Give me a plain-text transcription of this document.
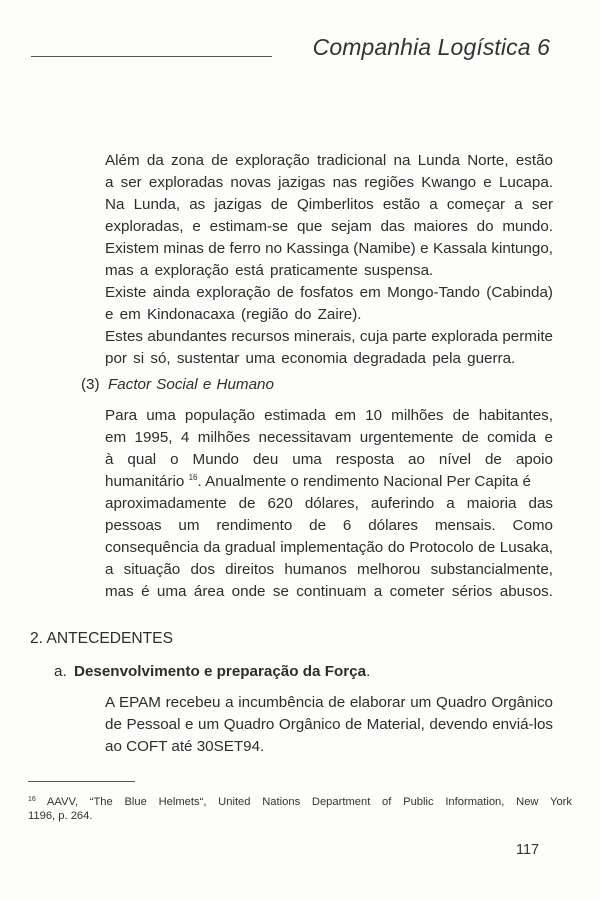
Companhia Logística 6
Além da zona de exploração tradicional na Lunda Norte, estão
a ser exploradas novas jazigas nas regiões Kwango e Lucapa.
Na Lunda, as jazigas de Qimberlitos estão a começar a ser
exploradas, e estimam-se que sejam das maiores do mundo.
Existem minas de ferro no Kassinga (Namibe) e Kassala kintungo,
mas a exploração está praticamente suspensa.
Existe ainda exploração de fosfatos em Mongo-Tando (Cabinda)
e em Kindonacaxa (região do Zaire).
Estes abundantes recursos minerais, cuja parte explorada permite
por si só, sustentar uma economia degradada pela guerra.
(3) Factor Social e Humano
Para uma população estimada em 10 milhões de habitantes,
em 1995, 4 milhões necessitavam urgentemente de comida e
à qual o Mundo deu uma resposta ao nível de apoio
humanitário $^{16}$. Anualmente o rendimento Nacional Per Capita é
aproximadamente de 620 dólares, auferindo a maioria das
pessoas um rendimento de 6 dólares mensais. Como
consequência da gradual implementação do Protocolo de Lusaka,
a situação dos direitos humanos melhorou substancialmente,
mas é uma área onde se continuam a cometer sérios abusos.
2. ANTECEDENTES
a. Desenvolvimento e preparação da Força.
A EPAM recebeu a incumbência de elaborar um Quadro Orgânico
de Pessoal e um Quadro Orgânico de Material, devendo enviá-los
ao COFT até 30SET94.
$^{16}$ AAVV, “The Blue Helmets“, United Nations Department of Public Information, New York
1196, p. 264.
117
